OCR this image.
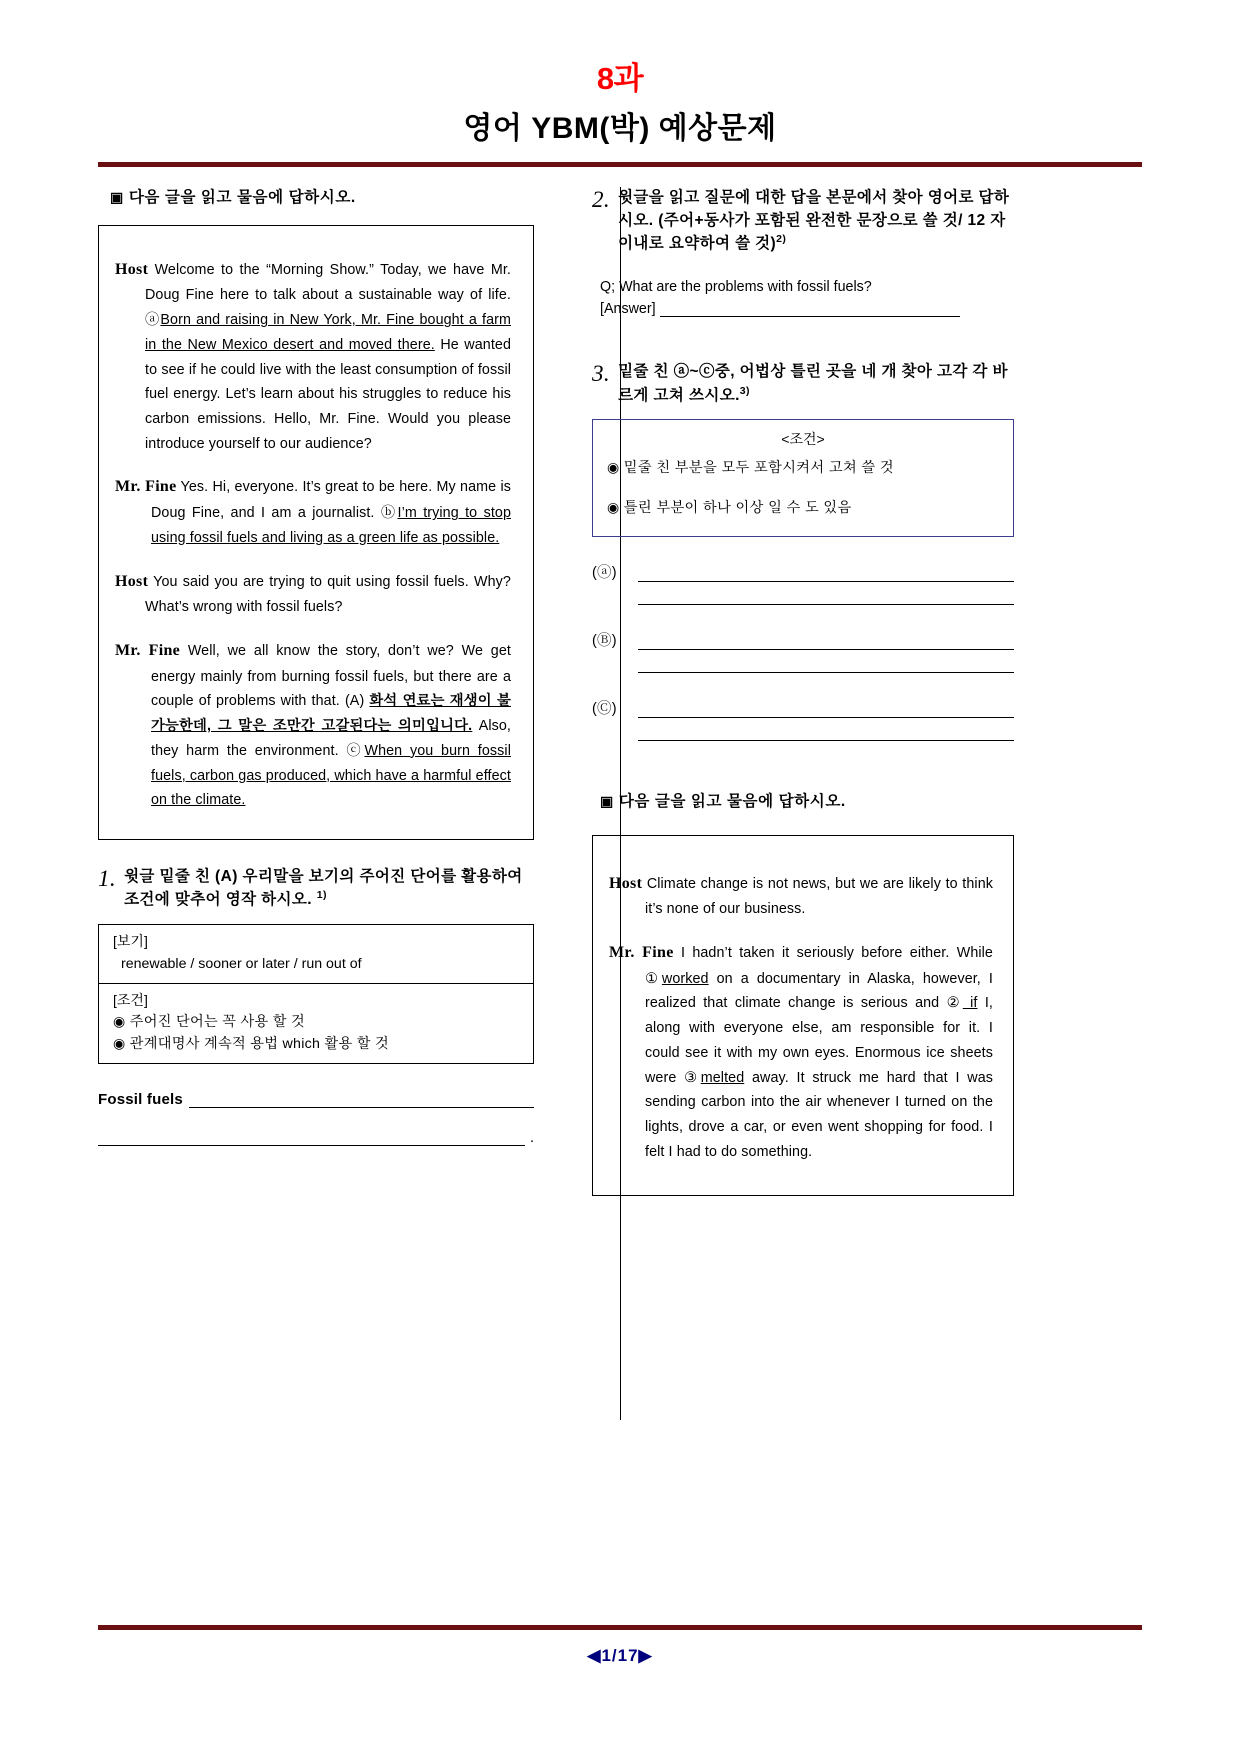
8과
영어 YBM(박) 예상문제
▣ 다음 글을 읽고 물음에 답하시오.
Host Welcome to the “Morning Show.” Today, we have Mr. Doug Fine here to talk about a sustainable way of life. ⓐBorn and raising in New York, Mr. Fine bought a farm in the New Mexico desert and moved there. He wanted to see if he could live with the least consumption of fossil fuel energy. Let’s learn about his struggles to reduce his carbon emissions. Hello, Mr. Fine. Would you please introduce yourself to our audience?
Mr. Fine Yes. Hi, everyone. It’s great to be here. My name is Doug Fine, and I am a journalist. ⓑI’m trying to stop using fossil fuels and living as a green life as possible.
Host You said you are trying to quit using fossil fuels. Why? What’s wrong with fossil fuels?
Mr. Fine Well, we all know the story, don’t we? We get energy mainly from burning fossil fuels, but there are a couple of problems with that. (A) 화석 연료는 재생이 불가능한데, 그 말은 조만간 고갈된다는 의미입니다. Also, they harm the environment. ⓒWhen you burn fossil fuels, carbon gas produced, which have a harmful effect on the climate.
1. 윗글 밑줄 친 (A) 우리말을 보기의 주어진 단어를 활용하여 조건에 맞추어 영작 하시오. $^{1)}$
[보기]
renewable / sooner or later / run out of
[조건]
◉ 주어진 단어는 꼭 사용 할 것
◉ 관계대명사 계속적 용법 which 활용 할 것
Fossil fuels
.
2. 윗글을 읽고 질문에 대한 답을 본문에서 찾아 영어로 답하시오. (주어+동사가 포함된 완전한 문장으로 쓸 것/ 12 자 이내로 요약하여 쓸 것)$^{2)}$
Q; What are the problems with fossil fuels?
[Answer]
3. 밑줄 친 ⓐ~ⓒ중, 어법상 틀린 곳을 네 개 찾아 고각 각 바르게 고쳐 쓰시오.$^{3)}$
<조건>
◉ 밑줄 친 부분을 모두 포함시켜서 고쳐 쓸 것
◉ 틀린 부분이 하나 이상 일 수 도 있음
(ⓐ)
(Ⓑ)
(Ⓒ)
▣ 다음 글을 읽고 물음에 답하시오.
Host Climate change is not news, but we are likely to think it’s none of our business.
Mr. Fine I hadn’t taken it seriously before either. While ①worked on a documentary in Alaska, however, I realized that climate change is serious and ② if I, along with everyone else, am responsible for it. I could see it with my own eyes. Enormous ice sheets were ③melted away. It struck me hard that I was sending carbon into the air whenever I turned on the lights, drove a car, or even went shopping for food. I felt I had to do something.
◀1/17▶
